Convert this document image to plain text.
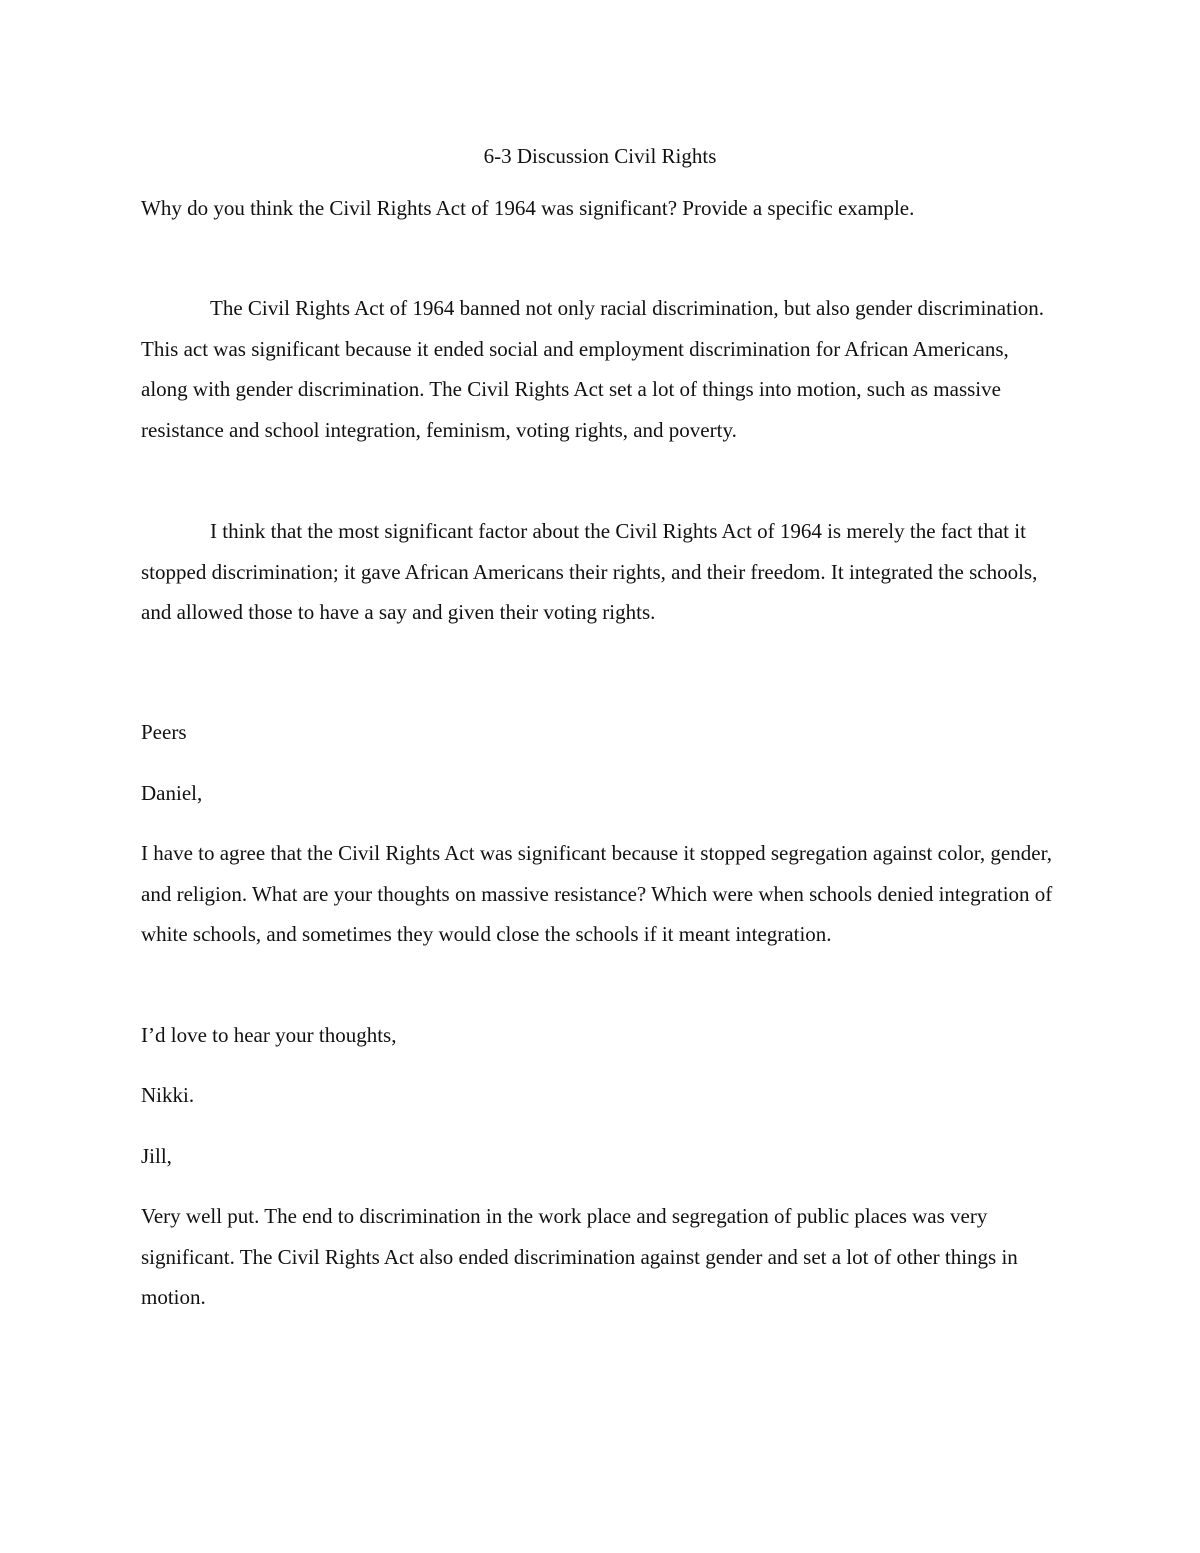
6-3 Discussion Civil Rights

Why do you think the Civil Rights Act of 1964 was significant? Provide a specific example.

The Civil Rights Act of 1964 banned not only racial discrimination, but also gender discrimination. This act was significant because it ended social and employment discrimination for African Americans, along with gender discrimination. The Civil Rights Act set a lot of things into motion, such as massive resistance and school integration, feminism, voting rights, and poverty.

I think that the most significant factor about the Civil Rights Act of 1964 is merely the fact that it stopped discrimination; it gave African Americans their rights, and their freedom. It integrated the schools, and allowed those to have a say and given their voting rights.

Peers

Daniel,

I have to agree that the Civil Rights Act was significant because it stopped segregation against color, gender, and religion. What are your thoughts on massive resistance? Which were when schools denied integration of white schools, and sometimes they would close the schools if it meant integration.

I’d love to hear your thoughts,

Nikki.

Jill,

Very well put. The end to discrimination in the work place and segregation of public places was very significant. The Civil Rights Act also ended discrimination against gender and set a lot of other things in motion.
